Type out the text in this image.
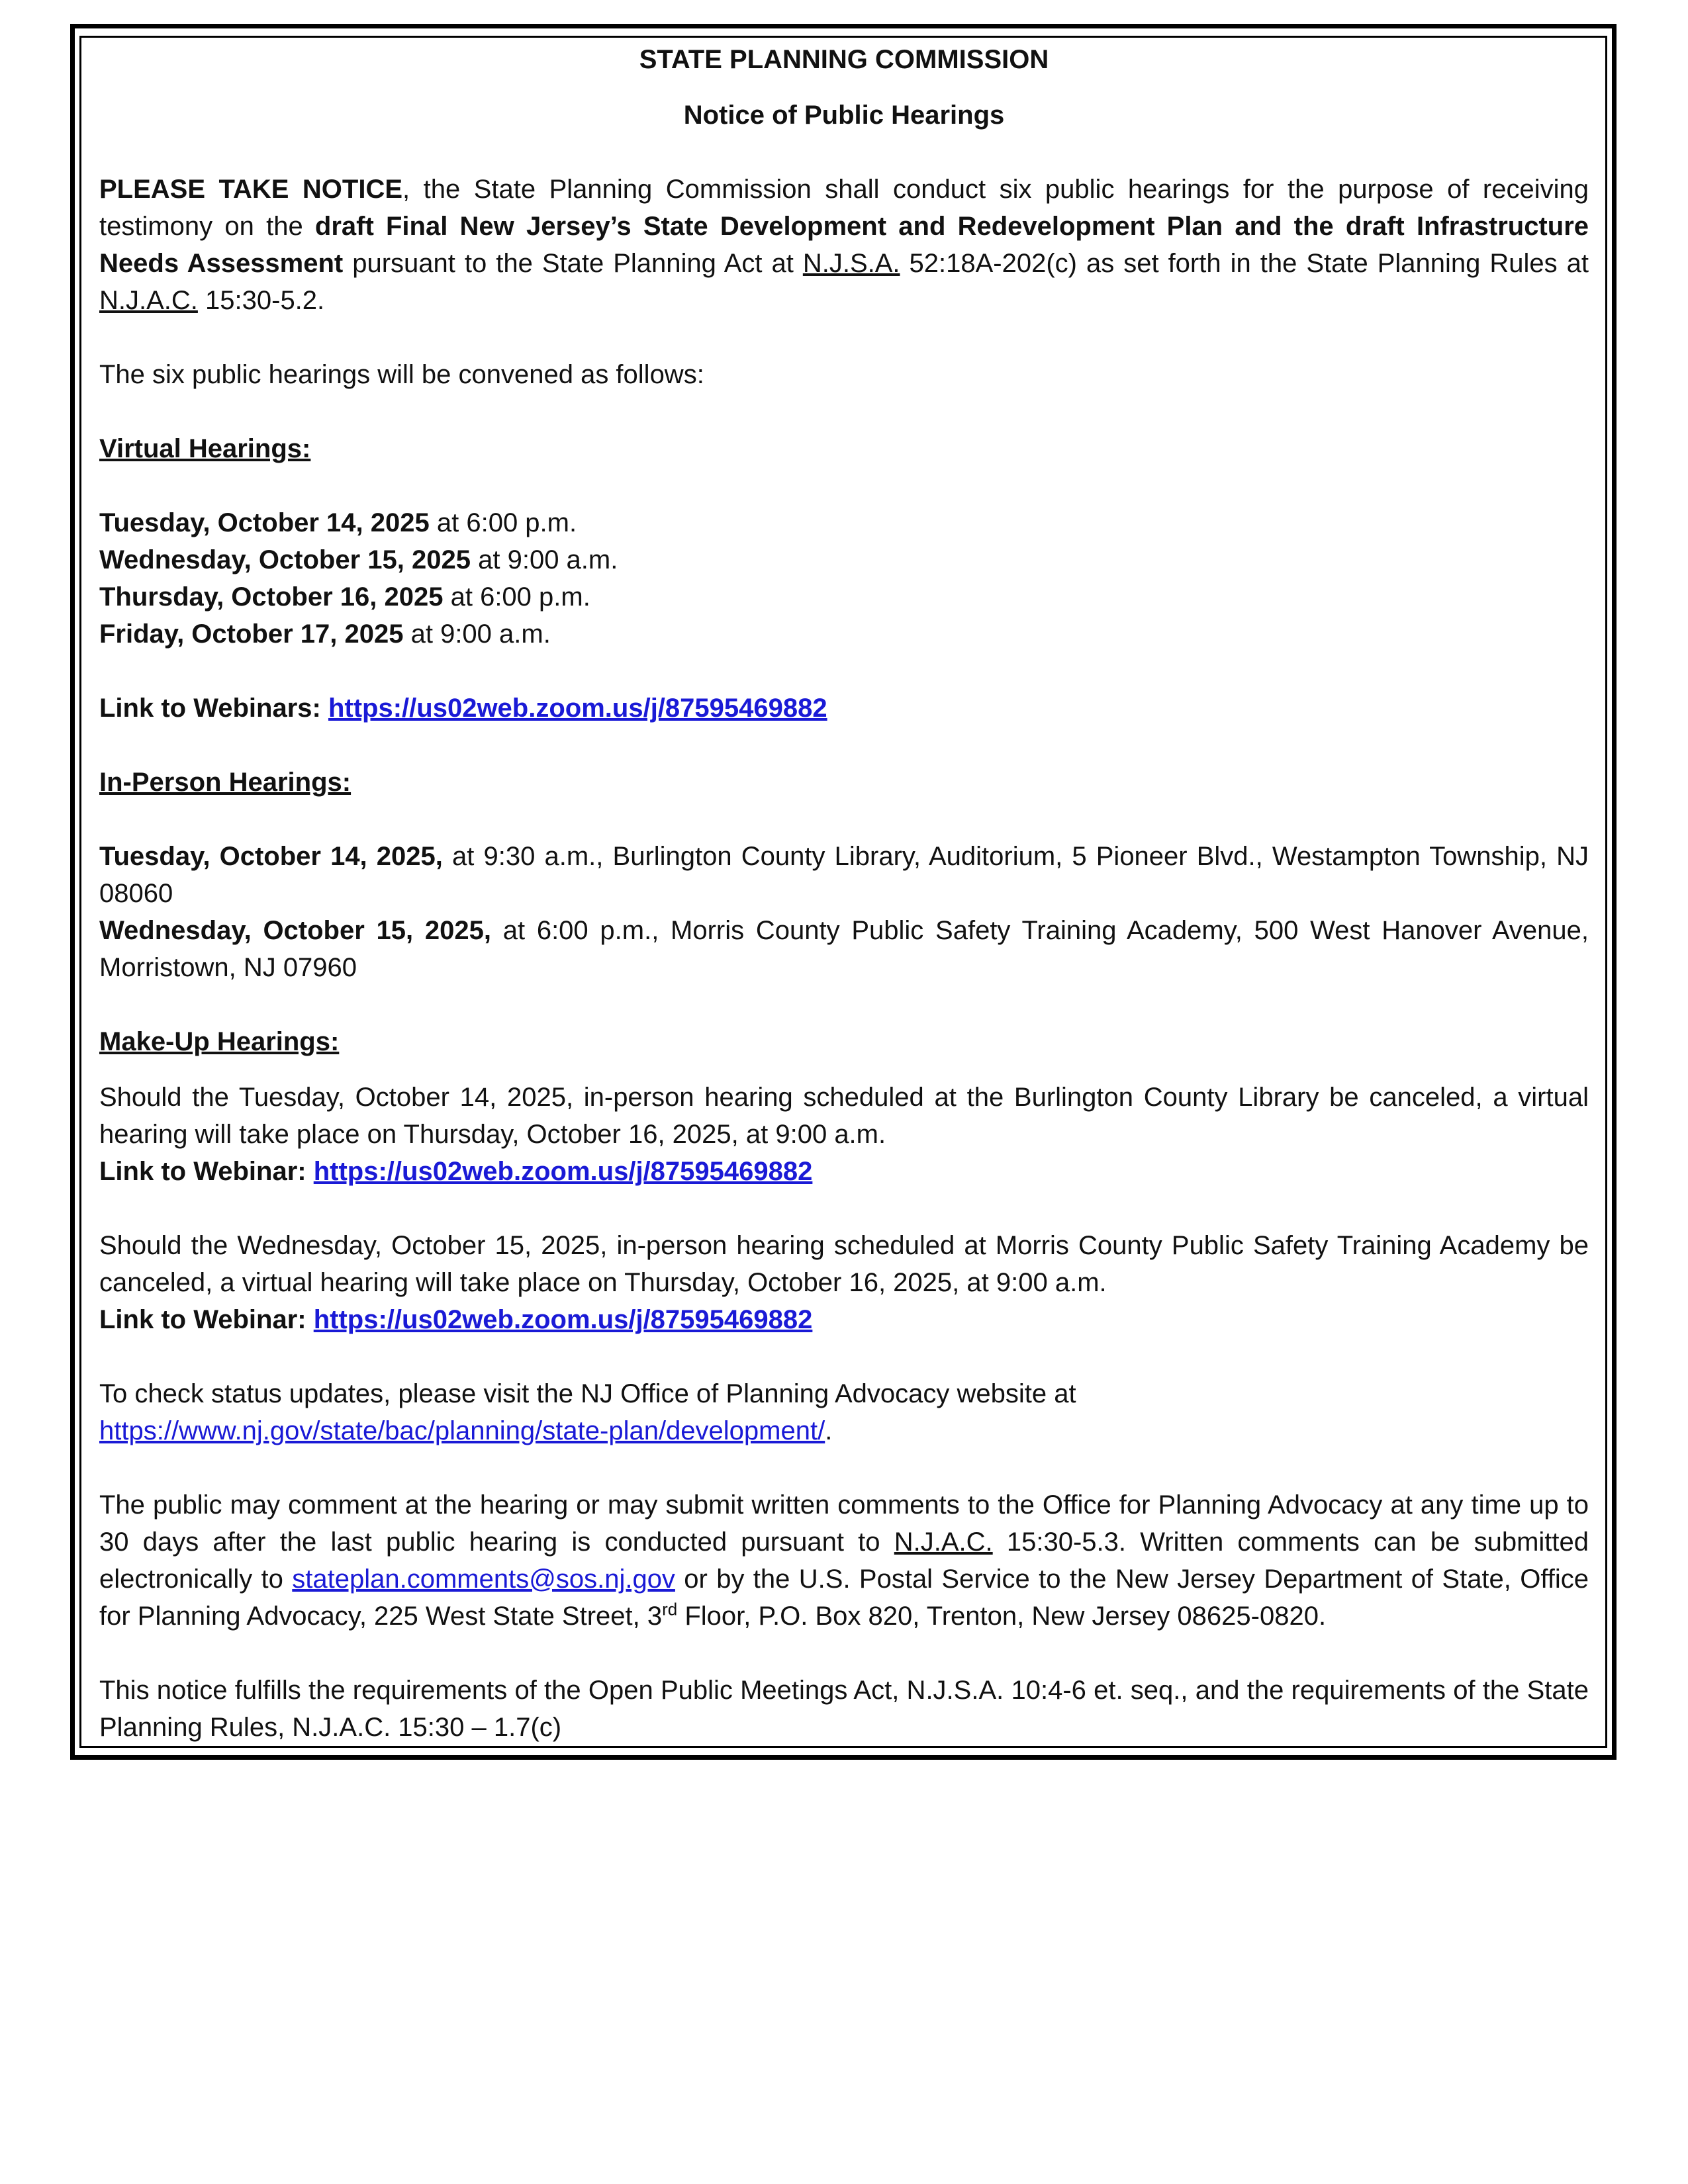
STATE PLANNING COMMISSION

Notice of Public Hearings

PLEASE TAKE NOTICE, the State Planning Commission shall conduct six public hearings for the purpose of receiving testimony on the draft Final New Jersey’s State Development and Redevelopment Plan and the draft Infrastructure Needs Assessment pursuant to the State Planning Act at N.J.S.A. 52:18A-202(c) as set forth in the State Planning Rules at N.J.A.C. 15:30-5.2.

The six public hearings will be convened as follows:

Virtual Hearings:

Tuesday, October 14, 2025 at 6:00 p.m.

Wednesday, October 15, 2025 at 9:00 a.m.

Thursday, October 16, 2025 at 6:00 p.m.

Friday, October 17, 2025 at 9:00 a.m.

Link to Webinars: https://us02web.zoom.us/j/87595469882

In-Person Hearings:

Tuesday, October 14, 2025, at 9:30 a.m., Burlington County Library, Auditorium, 5 Pioneer Blvd., Westampton Township, NJ 08060

Wednesday, October 15, 2025, at 6:00 p.m., Morris County Public Safety Training Academy, 500 West Hanover Avenue, Morristown, NJ 07960

Make-Up Hearings:

Should the Tuesday, October 14, 2025, in-person hearing scheduled at the Burlington County Library be canceled, a virtual hearing will take place on Thursday, October 16, 2025, at 9:00 a.m.

Link to Webinar: https://us02web.zoom.us/j/87595469882

Should the Wednesday, October 15, 2025, in-person hearing scheduled at Morris County Public Safety Training Academy be canceled, a virtual hearing will take place on Thursday, October 16, 2025, at 9:00 a.m.

Link to Webinar: https://us02web.zoom.us/j/87595469882

To check status updates, please visit the NJ Office of Planning Advocacy website at

https://www.nj.gov/state/bac/planning/state-plan/development/.

The public may comment at the hearing or may submit written comments to the Office for Planning Advocacy at any time up to 30 days after the last public hearing is conducted pursuant to N.J.A.C. 15:30-5.3. Written comments can be submitted electronically to stateplan.comments@sos.nj.gov or by the U.S. Postal Service to the New Jersey Department of State, Office for Planning Advocacy, 225 West State Street, 3rd Floor, P.O. Box 820, Trenton, New Jersey 08625-0820.

This notice fulfills the requirements of the Open Public Meetings Act, N.J.S.A. 10:4-6 et. seq., and the requirements of the State Planning Rules, N.J.A.C. 15:30 – 1.7(c)
